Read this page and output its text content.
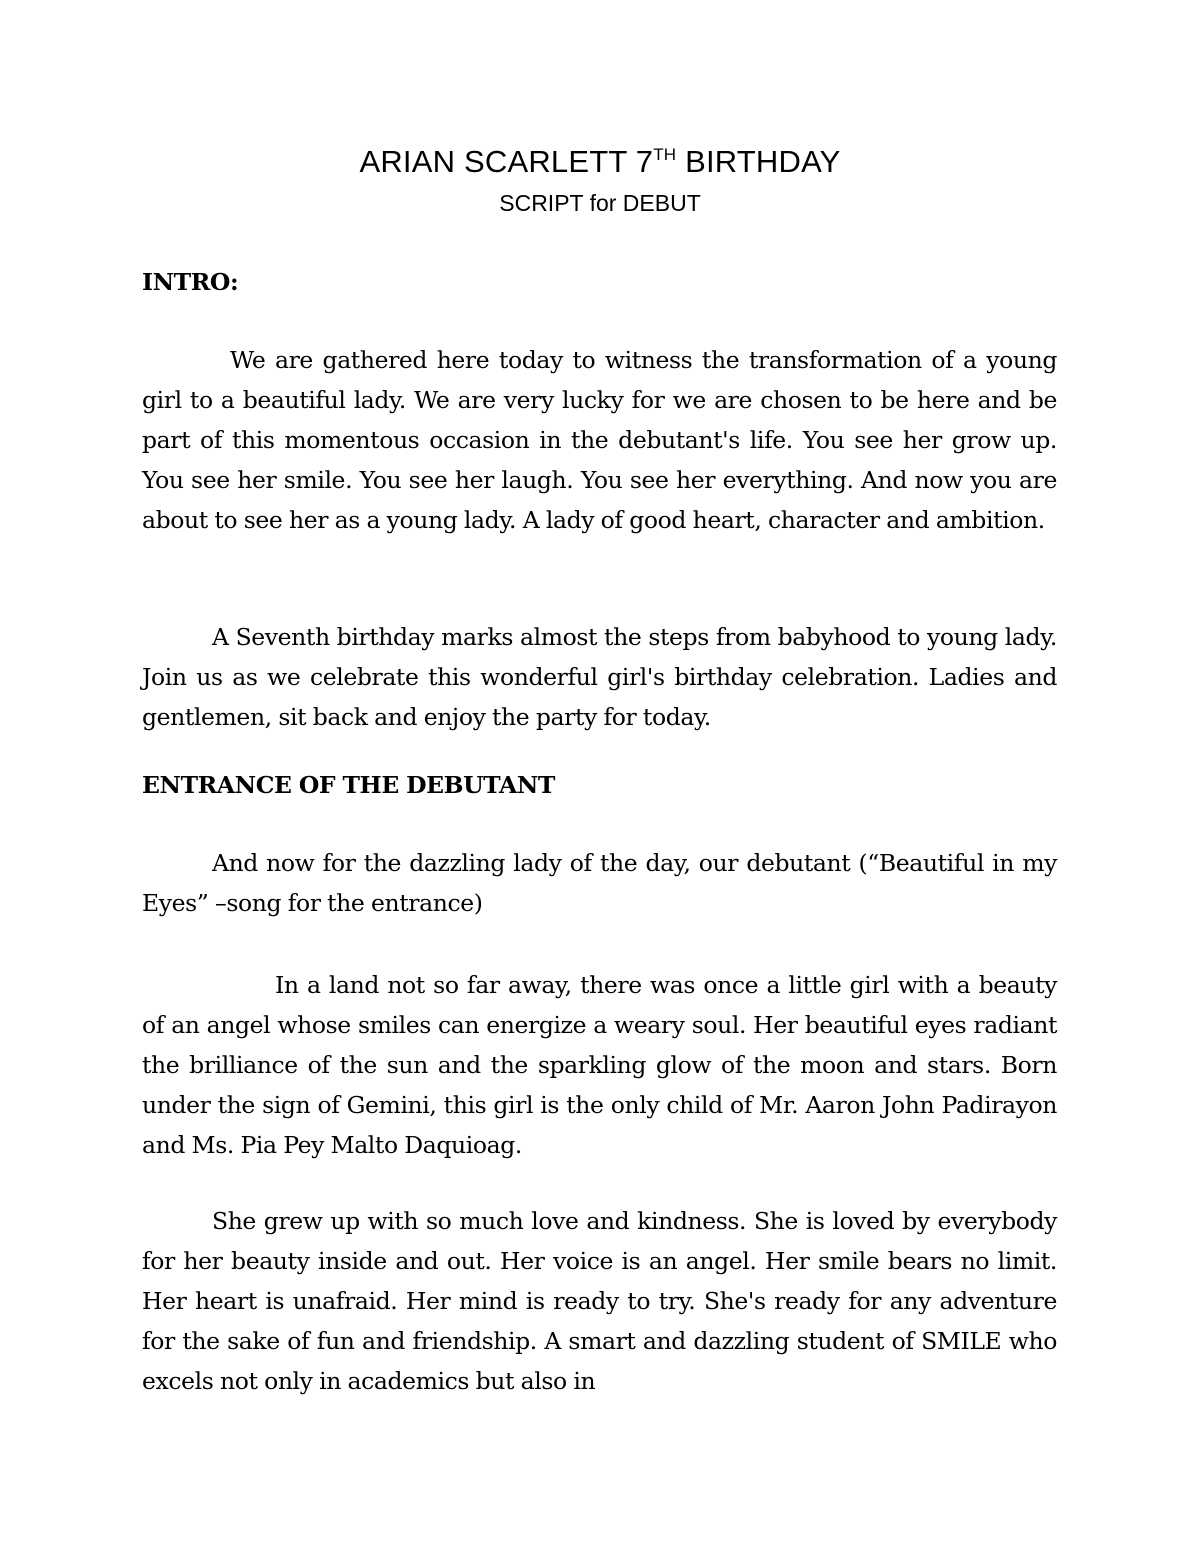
ARIAN SCARLETT 7TH BIRTHDAY
SCRIPT for DEBUT

INTRO:

We are gathered here today to witness the transformation of a young girl to a beautiful lady. We are very lucky for we are chosen to be here and be part of this momentous occasion in the debutant's life. You see her grow up. You see her smile. You see her laugh. You see her everything. And now you are about to see her as a young lady. A lady of good heart, character and ambition.

A Seventh birthday marks almost the steps from babyhood to young lady. Join us as we celebrate this wonderful girl's birthday celebration. Ladies and gentlemen, sit back and enjoy the party for today.

ENTRANCE OF THE DEBUTANT

And now for the dazzling lady of the day, our debutant (“Beautiful in my Eyes” –song for the entrance)

In a land not so far away, there was once a little girl with a beauty of an angel whose smiles can energize a weary soul. Her beautiful eyes radiant the brilliance of the sun and the sparkling glow of the moon and stars. Born under the sign of Gemini, this girl is the only child of Mr. Aaron John Padirayon and Ms. Pia Pey Malto Daquioag.

She grew up with so much love and kindness. She is loved by everybody for her beauty inside and out. Her voice is an angel. Her smile bears no limit. Her heart is unafraid. Her mind is ready to try. She's ready for any adventure for the sake of fun and friendship. A smart and dazzling student of SMILE who excels not only in academics but also in
